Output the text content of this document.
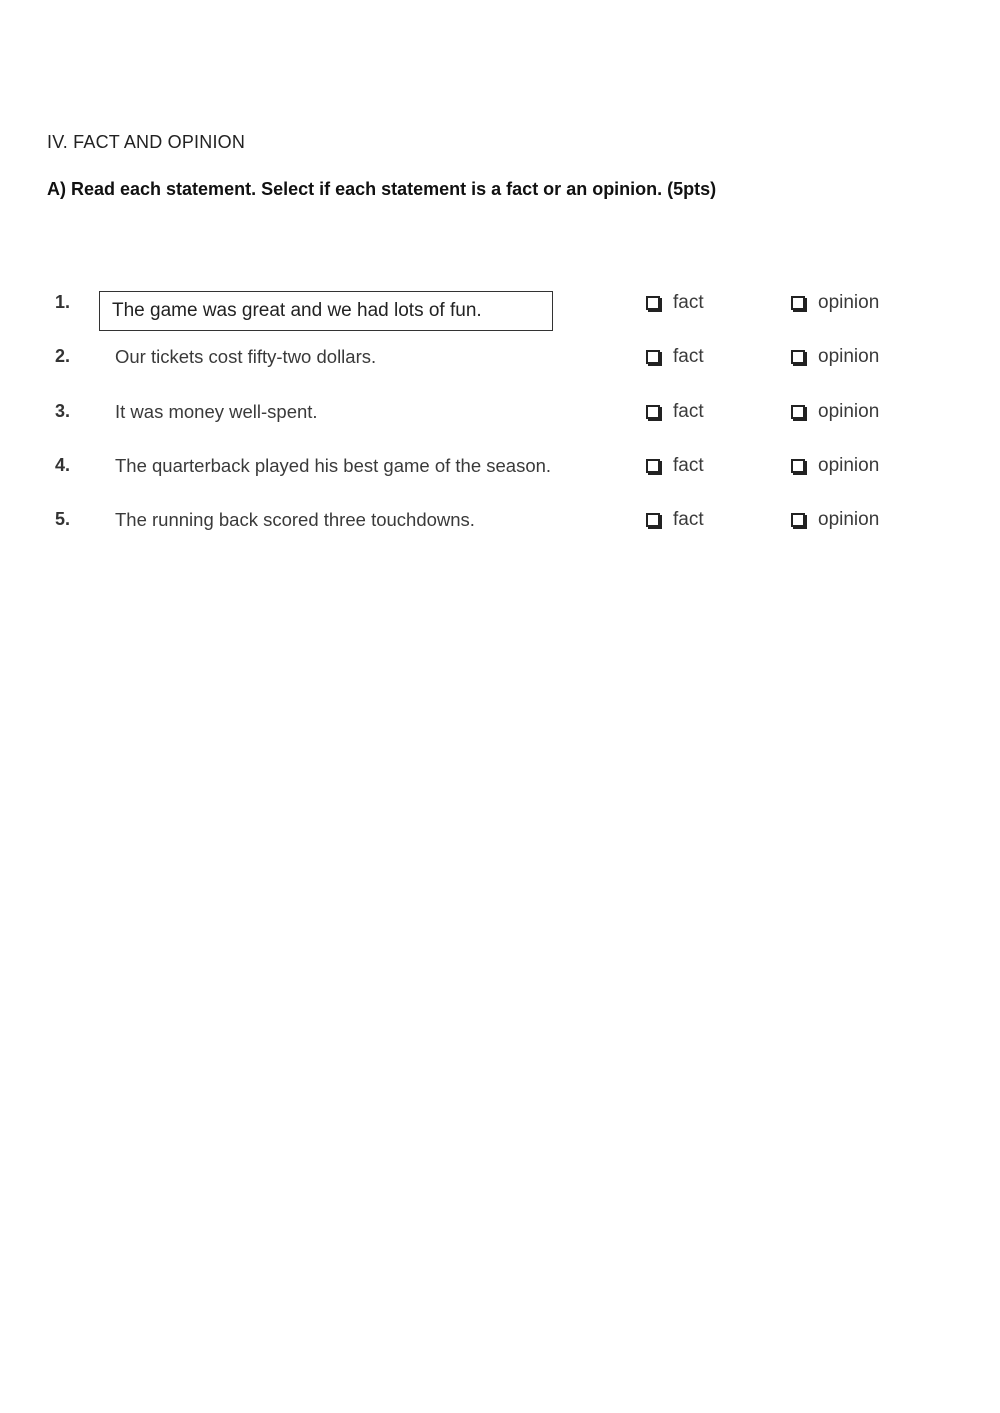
IV. FACT AND OPINION
A) Read each statement. Select if each statement is a fact or an opinion. (5pts)
1.	The game was great and we had lots of fun.	fact	opinion
2. Our tickets cost fifty-two dollars.	fact	opinion
3. It was money well-spent.	fact	opinion
4. The quarterback played his best game of the season.	fact	opinion
5. The running back scored three touchdowns.	fact	opinion
